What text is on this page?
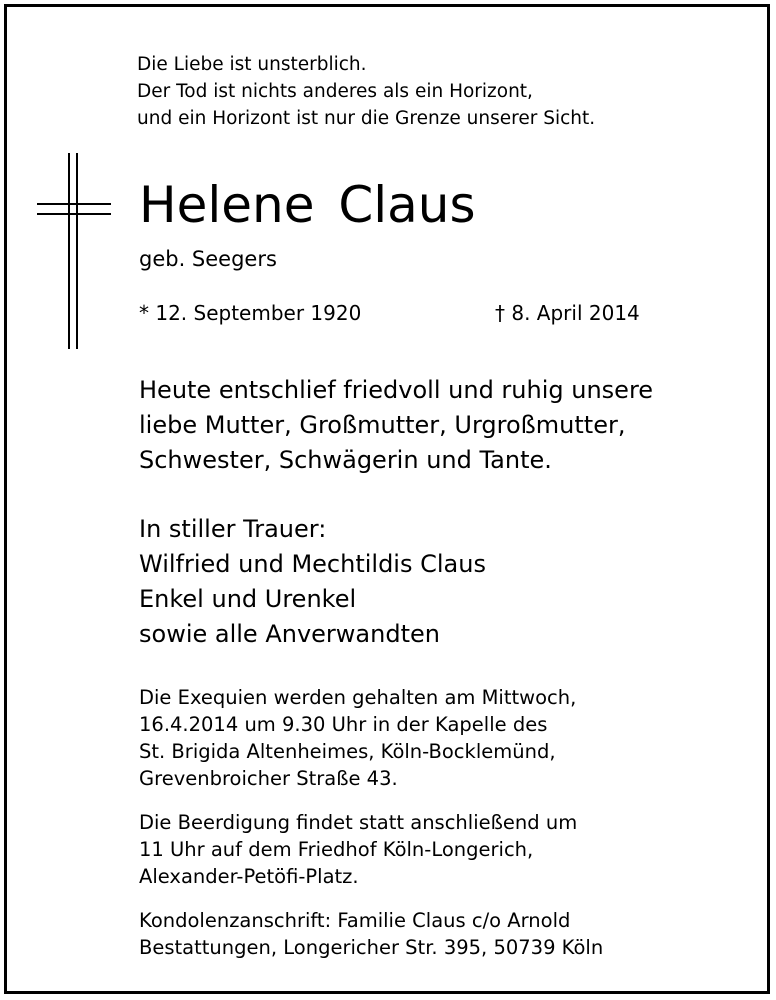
Die Liebe ist unsterblich.
Der Tod ist nichts anderes als ein Horizont,
und ein Horizont ist nur die Grenze unserer Sicht.
Helene Claus
geb. Seegers
* 12. September 1920	† 8. April 2014
Heute entschlief friedvoll und ruhig unsere
liebe Mutter, Großmutter, Urgroßmutter,
Schwester, Schwägerin und Tante.
In stiller Trauer:
Wilfried und Mechtildis Claus
Enkel und Urenkel
sowie alle Anverwandten
Die Exequien werden gehalten am Mittwoch,
16.4.2014 um 9.30 Uhr in der Kapelle des
St. Brigida Altenheimes, Köln-Bocklemünd,
Grevenbroicher Straße 43.
Die Beerdigung findet statt anschließend um
11 Uhr auf dem Friedhof Köln-Longerich,
Alexander-Petöfi-Platz.
Kondolenzanschrift: Familie Claus c/o Arnold
Bestattungen, Longericher Str. 395, 50739 Köln
